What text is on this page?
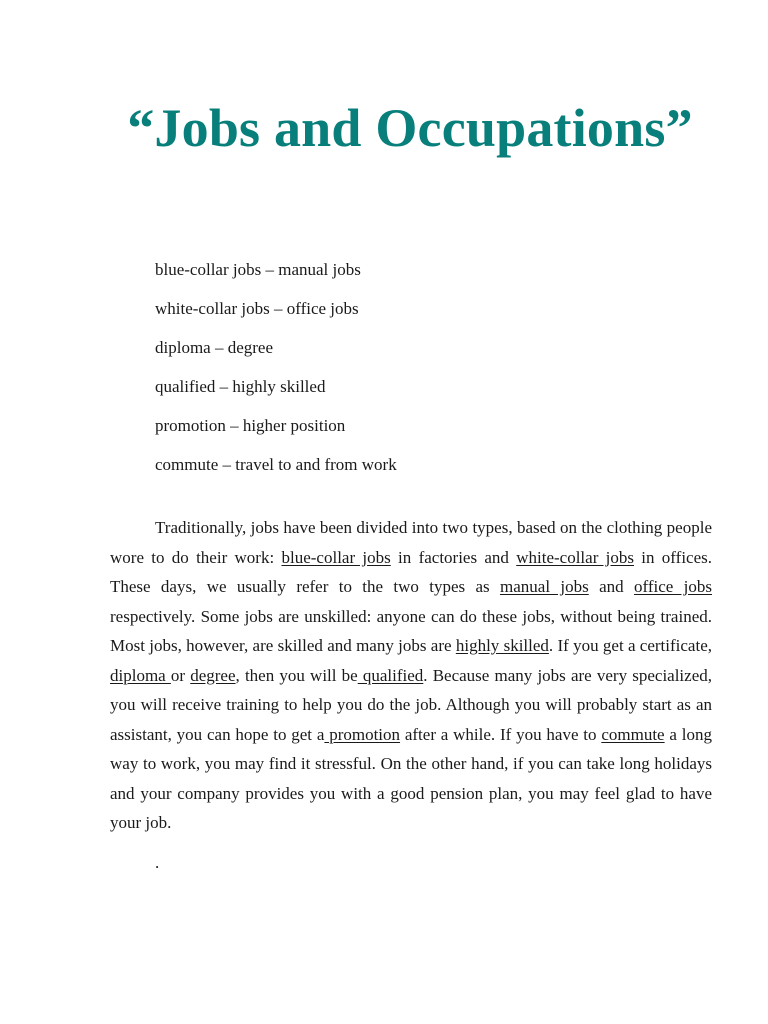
“Jobs and Occupations”
blue-collar jobs – manual jobs
white-collar jobs – office jobs
diploma – degree
qualified – highly skilled
promotion – higher position
commute – travel to and from work

Traditionally, jobs have been divided into two types, based on the clothing people wore to do their work: blue-collar jobs in factories and white-collar jobs in offices. These days, we usually refer to the two types as manual jobs and office jobs respectively. Some jobs are unskilled: anyone can do these jobs, without being trained. Most jobs, however, are skilled and many jobs are highly skilled. If you get a certificate, diploma or degree, then you will be qualified. Because many jobs are very specialized, you will receive training to help you do the job. Although you will probably start as an assistant, you can hope to get a promotion after a while. If you have to commute a long way to work, you may find it stressful. On the other hand, if you can take long holidays and your company provides you with a good pension plan, you may feel glad to have your job.

.
